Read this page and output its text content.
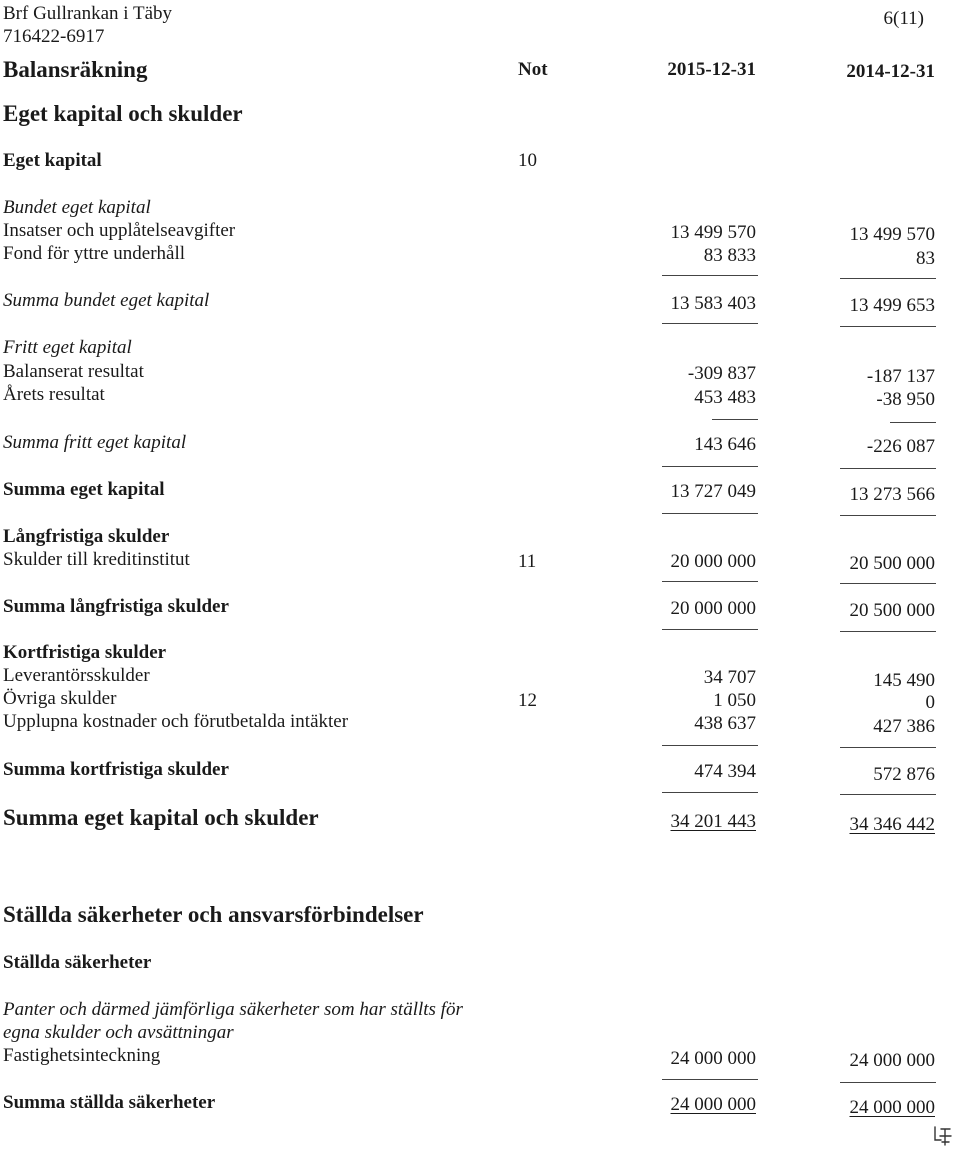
Brf Gullrankan i Täby
716422-6917
6(11)
Balansräkning	Not	2015-12-31	2014-12-31
Eget kapital och skulder
Eget kapital	10
Bundet eget kapital
Insatser och upplåtelseavgifter	13 499 570	13 499 570
Fond för yttre underhåll	83 833	83
Summa bundet eget kapital	13 583 403	13 499 653
Fritt eget kapital
Balanserat resultat	-309 837	-187 137
Årets resultat	453 483	-38 950
Summa fritt eget kapital	143 646	-226 087
Summa eget kapital	13 727 049	13 273 566
Långfristiga skulder
Skulder till kreditinstitut	11	20 000 000	20 500 000
Summa långfristiga skulder	20 000 000	20 500 000
Kortfristiga skulder
Leverantörsskulder	34 707	145 490
Övriga skulder	12	1 050	0
Upplupna kostnader och förutbetalda intäkter	438 637	427 386
Summa kortfristiga skulder	474 394	572 876
Summa eget kapital och skulder	34 201 443	34 346 442
Ställda säkerheter och ansvarsförbindelser
Ställda säkerheter
Panter och därmed jämförliga säkerheter som har ställts för
egna skulder och avsättningar
Fastighetsinteckning	24 000 000	24 000 000
Summa ställda säkerheter	24 000 000	24 000 000
